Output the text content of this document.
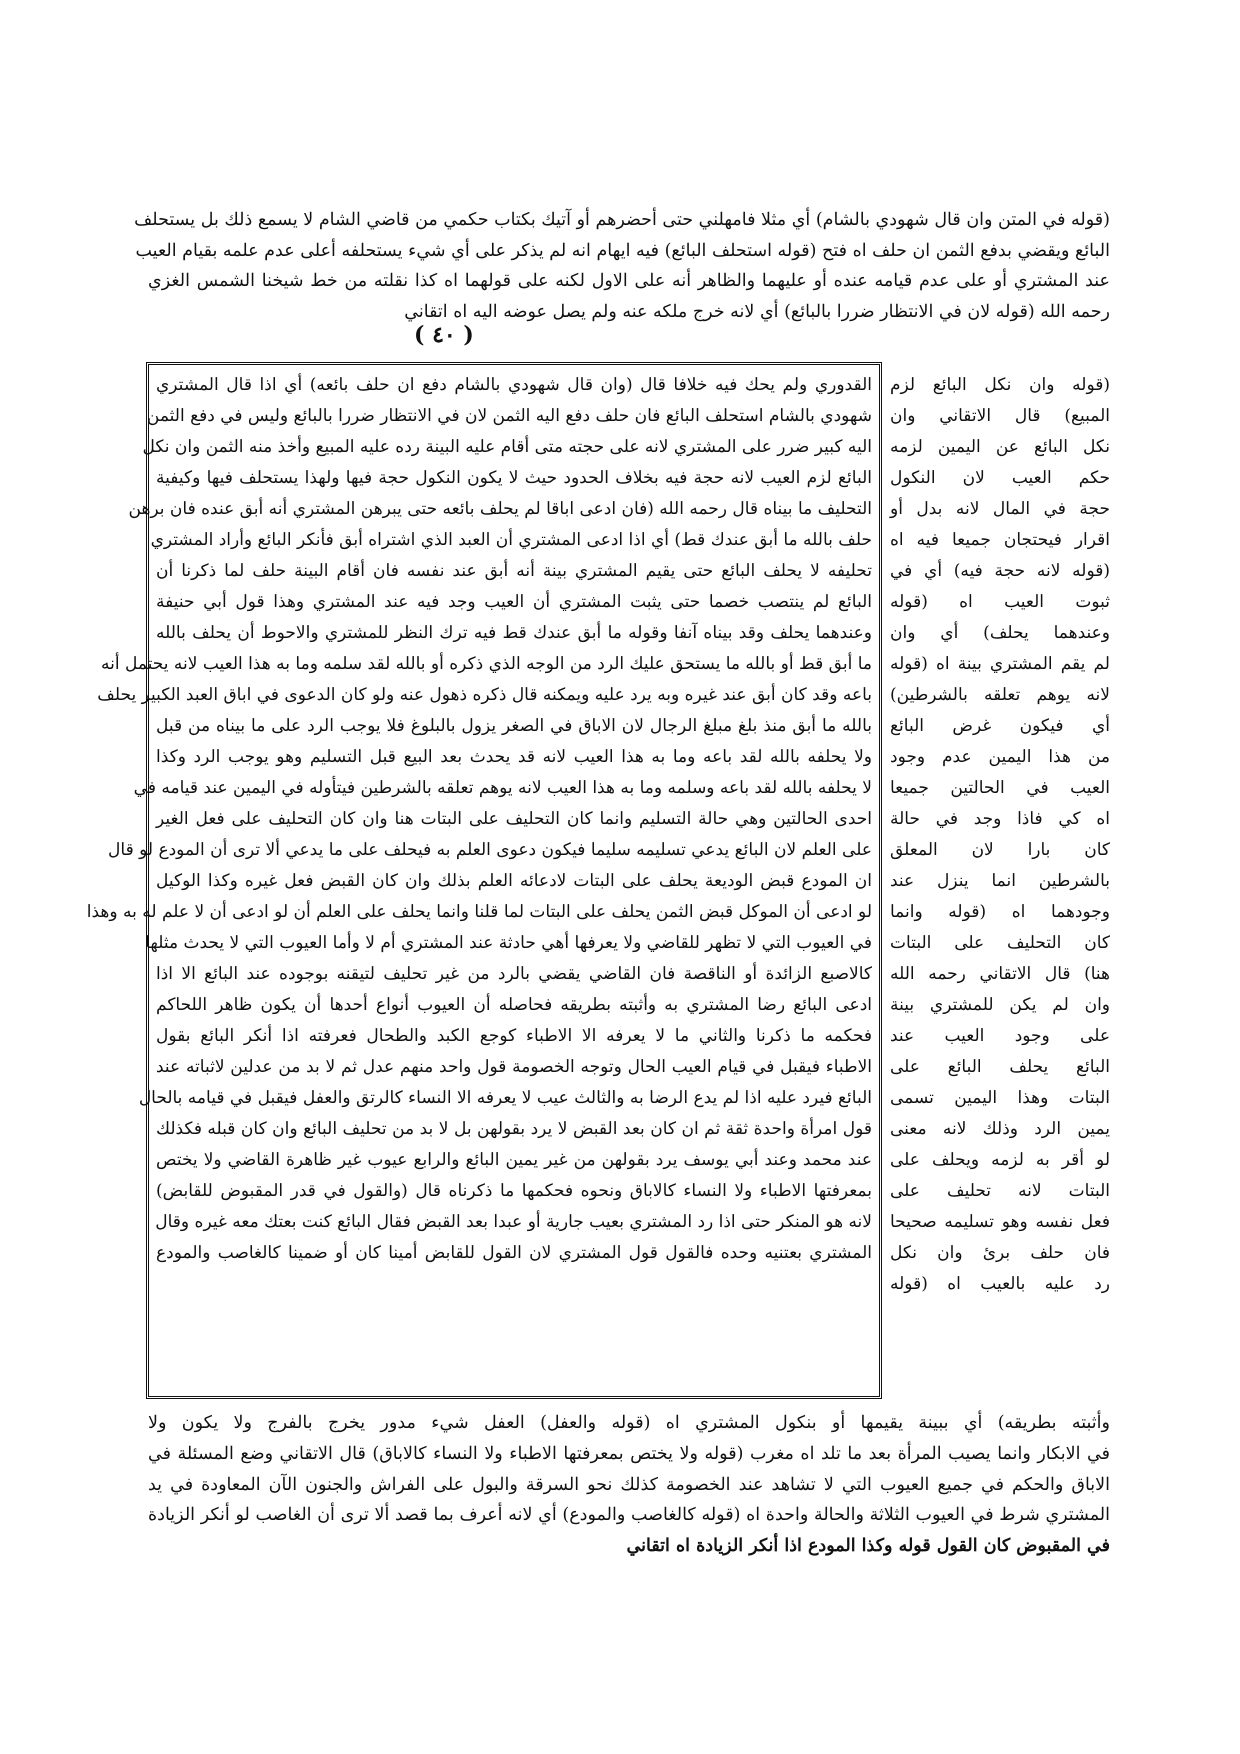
(قوله في المتن وان قال شهودي بالشام) أي مثلا فامهلني حتى أحضرهم أو آتيك بكتاب حكمي من قاضي الشام لا يسمع ذلك بل يستحلف
البائع ويقضي بدفع الثمن ان حلف اه فتح (قوله استحلف البائع) فيه ايهام انه لم يذكر على أي شيء يستحلفه أعلى عدم علمه بقيام العيب
عند المشتري أو على عدم قيامه عنده أو عليهما والظاهر أنه على الاول لكنه على قولهما اه كذا نقلته من خط شيخنا الشمس الغزي
رحمه الله (قوله لان في الانتظار ضررا بالبائع) أي لانه خرج ملكه عنه ولم يصل عوضه اليه اه اتقاني
( ٤٠ )
القدوري ولم يحك فيه خلافا قال (وان قال شهودي بالشام دفع ان حلف بائعه) أي اذا قال المشتري
شهودي بالشام استحلف البائع فان حلف دفع اليه الثمن لان في الانتظار ضررا بالبائع وليس في دفع الثمن
اليه كبير ضرر على المشتري لانه على حجته متى أقام عليه البينة رده عليه المبيع وأخذ منه الثمن وان نكل
البائع لزم العيب لانه حجة فيه بخلاف الحدود حيث لا يكون النكول حجة فيها ولهذا يستحلف فيها وكيفية
التحليف ما بيناه قال رحمه الله (فان ادعى اباقا لم يحلف بائعه حتى يبرهن المشتري أنه أبق عنده فان برهن
حلف بالله ما أبق عندك قط) أي اذا ادعى المشتري أن العبد الذي اشتراه أبق فأنكر البائع وأراد المشتري
تحليفه لا يحلف البائع حتى يقيم المشتري بينة أنه أبق عند نفسه فان أقام البينة حلف لما ذكرنا أن
البائع لم ينتصب خصما حتى يثبت المشتري أن العيب وجد فيه عند المشتري وهذا قول أبي حنيفة
وعندهما يحلف وقد بيناه آنفا وقوله ما أبق عندك قط فيه ترك النظر للمشتري والاحوط أن يحلف بالله
ما أبق قط أو بالله ما يستحق عليك الرد من الوجه الذي ذكره أو بالله لقد سلمه وما به هذا العيب لانه يحتمل أنه
باعه وقد كان أبق عند غيره وبه يرد عليه ويمكنه قال ذكره ذهول عنه ولو كان الدعوى في اباق العبد الكبير يحلف
بالله ما أبق منذ بلغ مبلغ الرجال لان الاباق في الصغر يزول بالبلوغ فلا يوجب الرد على ما بيناه من قبل
ولا يحلفه بالله لقد باعه وما به هذا العيب لانه قد يحدث بعد البيع قبل التسليم وهو يوجب الرد وكذا
لا يحلفه بالله لقد باعه وسلمه وما به هذا العيب لانه يوهم تعلقه بالشرطين فيتأوله في اليمين عند قيامه في
احدى الحالتين وهي حالة التسليم وانما كان التحليف على البتات هنا وان كان التحليف على فعل الغير
على العلم لان البائع يدعي تسليمه سليما فيكون دعوى العلم به فيحلف على ما يدعي ألا ترى أن المودع لو قال
ان المودع قبض الوديعة يحلف على البتات لادعائه العلم بذلك وان كان القبض فعل غيره وكذا الوكيل
لو ادعى أن الموكل قبض الثمن يحلف على البتات لما قلنا وانما يحلف على العلم أن لو ادعى أن لا علم له به وهذا
في العيوب التي لا تظهر للقاضي ولا يعرفها أهي حادثة عند المشتري أم لا وأما العيوب التي لا يحدث مثلها
كالاصبع الزائدة أو الناقصة فان القاضي يقضي بالرد من غير تحليف لتيقنه بوجوده عند البائع الا اذا
ادعى البائع رضا المشتري به وأثبته بطريقه فحاصله أن العيوب أنواع أحدها أن يكون ظاهر اللحاكم
فحكمه ما ذكرنا والثاني ما لا يعرفه الا الاطباء كوجع الكبد والطحال فعرفته اذا أنكر البائع بقول
الاطباء فيقبل في قيام العيب الحال وتوجه الخصومة قول واحد منهم عدل ثم لا بد من عدلين لاثباته عند
البائع فيرد عليه اذا لم يدع الرضا به والثالث عيب لا يعرفه الا النساء كالرتق والعفل فيقبل في قيامه بالحال
قول امرأة واحدة ثقة ثم ان كان بعد القبض لا يرد بقولهن بل لا بد من تحليف البائع وان كان قبله فكذلك
عند محمد وعند أبي يوسف يرد بقولهن من غير يمين البائع والرابع عيوب غير ظاهرة القاضي ولا يختص
بمعرفتها الاطباء ولا النساء كالاباق ونحوه فحكمها ما ذكرناه قال (والقول في قدر المقبوض للقابض)
لانه هو المنكر حتى اذا رد المشتري بعيب جارية أو عبدا بعد القبض فقال البائع كنت بعتك معه غيره وقال
المشتري بعتنيه وحده فالقول قول المشتري لان القول للقابض أمينا كان أو ضمينا كالغاصب والمودع
(قوله وان نكل البائع لزم
المبيع) قال الاتقاني وان
نكل البائع عن اليمين لزمه
حكم العيب لان النكول
حجة في المال لانه بدل أو
اقرار فيحتجان جميعا فيه اه
(قوله لانه حجة فيه) أي في
ثبوت العيب اه (قوله
وعندهما يحلف) أي وان
لم يقم المشتري بينة اه (قوله
لانه يوهم تعلقه بالشرطين)
أي فيكون غرض البائع
من هذا اليمين عدم وجود
العيب في الحالتين جميعا
اه كي فاذا وجد في حالة
كان بارا لان المعلق
بالشرطين انما ينزل عند
وجودهما اه (قوله وانما
كان التحليف على البتات
هنا) قال الاتقاني رحمه الله
وان لم يكن للمشتري بينة
على وجود العيب عند
البائع يحلف البائع على
البتات وهذا اليمين تسمى
يمين الرد وذلك لانه معنى
لو أقر به لزمه ويحلف على
البتات لانه تحليف على
فعل نفسه وهو تسليمه صحيحا
فان حلف برئ وان نكل
رد عليه بالعيب اه (قوله
وأثبته بطريقه) أي ببينة يقيمها أو بنكول المشتري اه (قوله والعفل) العفل شيء مدور يخرج بالفرج ولا يكون ولا
في الابكار وانما يصيب المرأة بعد ما تلد اه مغرب (قوله ولا يختص بمعرفتها الاطباء ولا النساء كالاباق) قال الاتقاني وضع المسئلة في
الاباق والحكم في جميع العيوب التي لا تشاهد عند الخصومة كذلك نحو السرقة والبول على الفراش والجنون الآن المعاودة في يد
المشتري شرط في العيوب الثلاثة والحالة واحدة اه (قوله كالغاصب والمودع) أي لانه أعرف بما قصد ألا ترى أن الغاصب لو أنكر الزيادة
في المقبوض كان القول قوله وكذا المودع اذا أنكر الزيادة اه اتقاني
